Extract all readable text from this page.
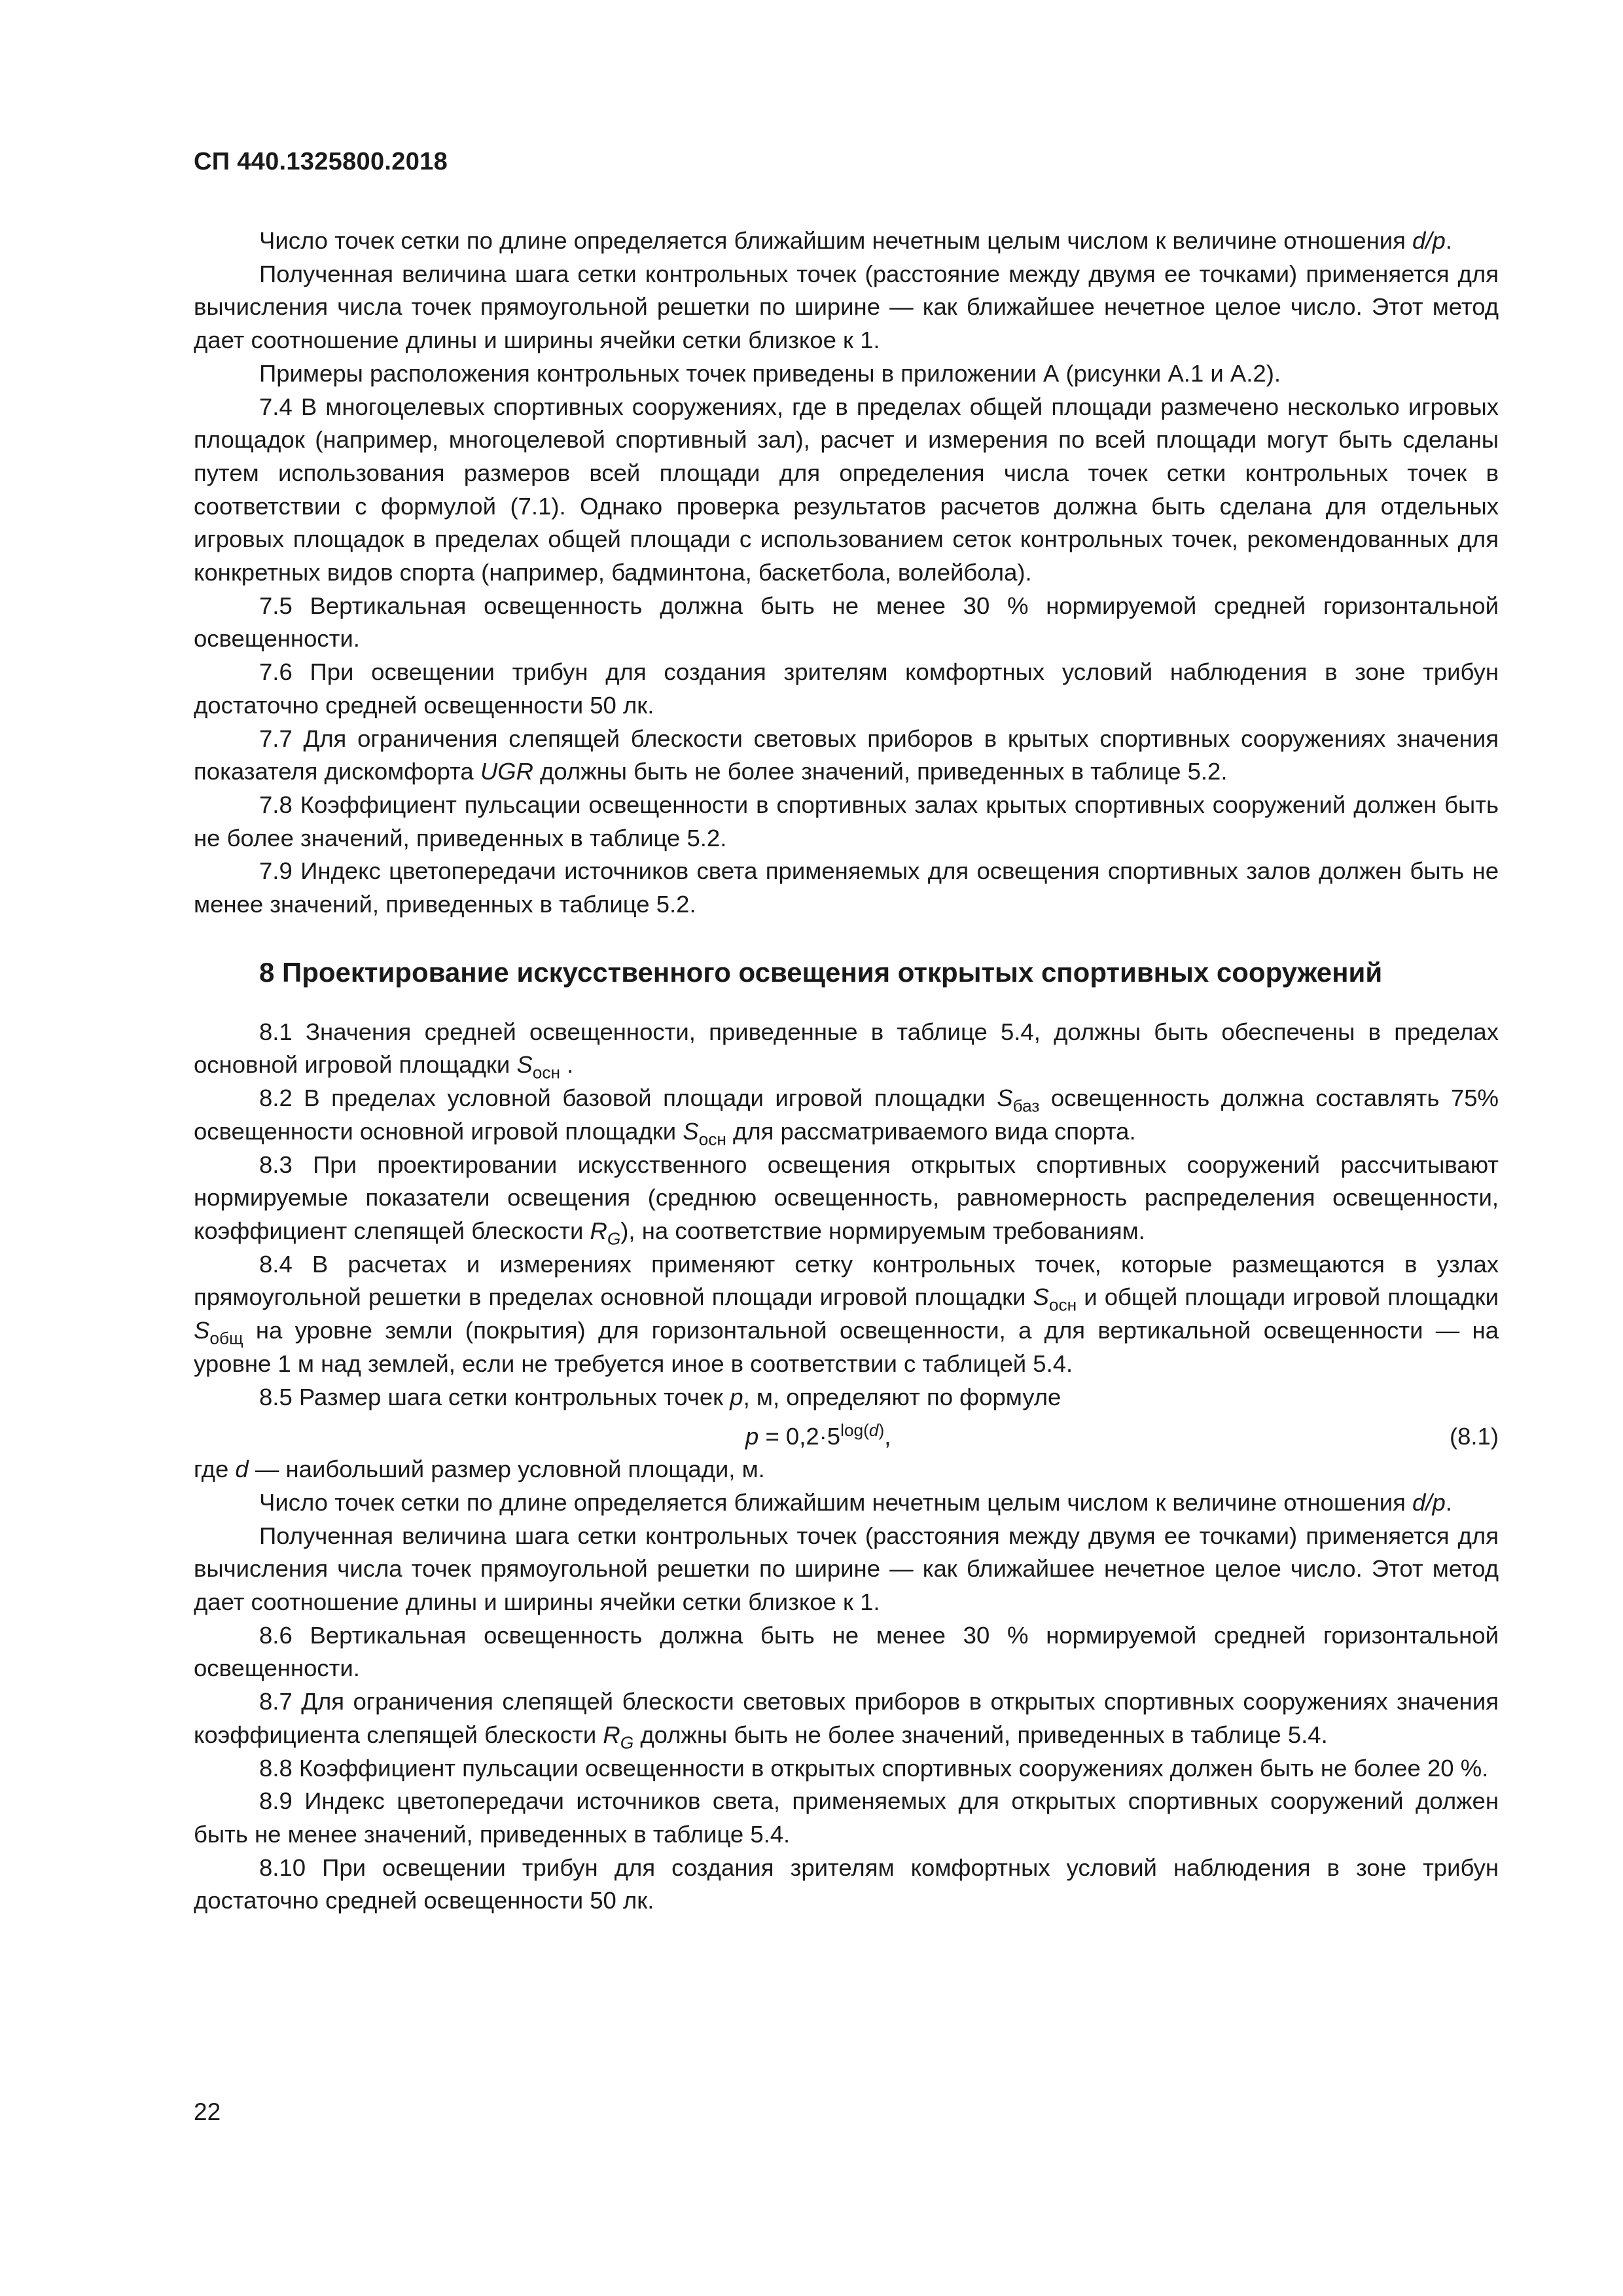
СП 440.1325800.2018

Число точек сетки по длине определяется ближайшим нечетным целым числом к величине отношения d/p.

Полученная величина шага сетки контрольных точек (расстояние между двумя ее точками) применяется для вычисления числа точек прямоугольной решетки по ширине — как ближайшее нечетное целое число. Этот метод дает соотношение длины и ширины ячейки сетки близкое к 1.

Примеры расположения контрольных точек приведены в приложении А (рисунки А.1 и А.2).

7.4 В многоцелевых спортивных сооружениях, где в пределах общей площади размечено несколько игровых площадок (например, многоцелевой спортивный зал), расчет и измерения по всей площади могут быть сделаны путем использования размеров всей площади для определения числа точек сетки контрольных точек в соответствии с формулой (7.1). Однако проверка результатов расчетов должна быть сделана для отдельных игровых площадок в пределах общей площади с использованием сеток контрольных точек, рекомендованных для конкретных видов спорта (например, бадминтона, баскетбола, волейбола).

7.5 Вертикальная освещенность должна быть не менее 30 % нормируемой средней горизонтальной освещенности.

7.6 При освещении трибун для создания зрителям комфортных условий наблюдения в зоне трибун достаточно средней освещенности 50 лк.

7.7 Для ограничения слепящей блескости световых приборов в крытых спортивных сооружениях значения показателя дискомфорта UGR должны быть не более значений, приведенных в таблице 5.2.

7.8 Коэффициент пульсации освещенности в спортивных залах крытых спортивных сооружений должен быть не более значений, приведенных в таблице 5.2.

7.9 Индекс цветопередачи источников света применяемых для освещения спортивных залов должен быть не менее значений, приведенных в таблице 5.2.

8 Проектирование искусственного освещения открытых спортивных сооружений

8.1 Значения средней освещенности, приведенные в таблице 5.4, должны быть обеспечены в пределах основной игровой площадки $S_{осн}$ .

8.2 В пределах условной базовой площади игровой площадки $S_{баз}$ освещенность должна составлять 75% освещенности основной игровой площадки $S_{осн}$ для рассматриваемого вида спорта.

8.3 При проектировании искусственного освещения открытых спортивных сооружений рассчитывают нормируемые показатели освещения (среднюю освещенность, равномерность распределения освещенности, коэффициент слепящей блескости $R_G$), на соответствие нормируемым требованиям.

8.4 В расчетах и измерениях применяют сетку контрольных точек, которые размещаются в узлах прямоугольной решетки в пределах основной площади игровой площадки $S_{осн}$ и общей площади игровой площадки $S_{общ}$ на уровне земли (покрытия) для горизонтальной освещенности, а для вертикальной освещенности — на уровне 1 м над землей, если не требуется иное в соответствии с таблицей 5.4.

8.5 Размер шага сетки контрольных точек p, м, определяют по формуле

$p = 0,2\cdot 5^{log(d)}$,	(8.1)

где d — наибольший размер условной площади, м.

Число точек сетки по длине определяется ближайшим нечетным целым числом к величине отношения d/p.

Полученная величина шага сетки контрольных точек (расстояния между двумя ее точками) применяется для вычисления числа точек прямоугольной решетки по ширине — как ближайшее нечетное целое число. Этот метод дает соотношение длины и ширины ячейки сетки близкое к 1.

8.6 Вертикальная освещенность должна быть не менее 30 % нормируемой средней горизонтальной освещенности.

8.7 Для ограничения слепящей блескости световых приборов в открытых спортивных сооружениях значения коэффициента слепящей блескости $R_G$ должны быть не более значений, приведенных в таблице 5.4.

8.8 Коэффициент пульсации освещенности в открытых спортивных сооружениях должен быть не более 20 %.

8.9 Индекс цветопередачи источников света, применяемых для открытых спортивных сооружений должен быть не менее значений, приведенных в таблице 5.4.

8.10 При освещении трибун для создания зрителям комфортных условий наблюдения в зоне трибун достаточно средней освещенности 50 лк.

22
